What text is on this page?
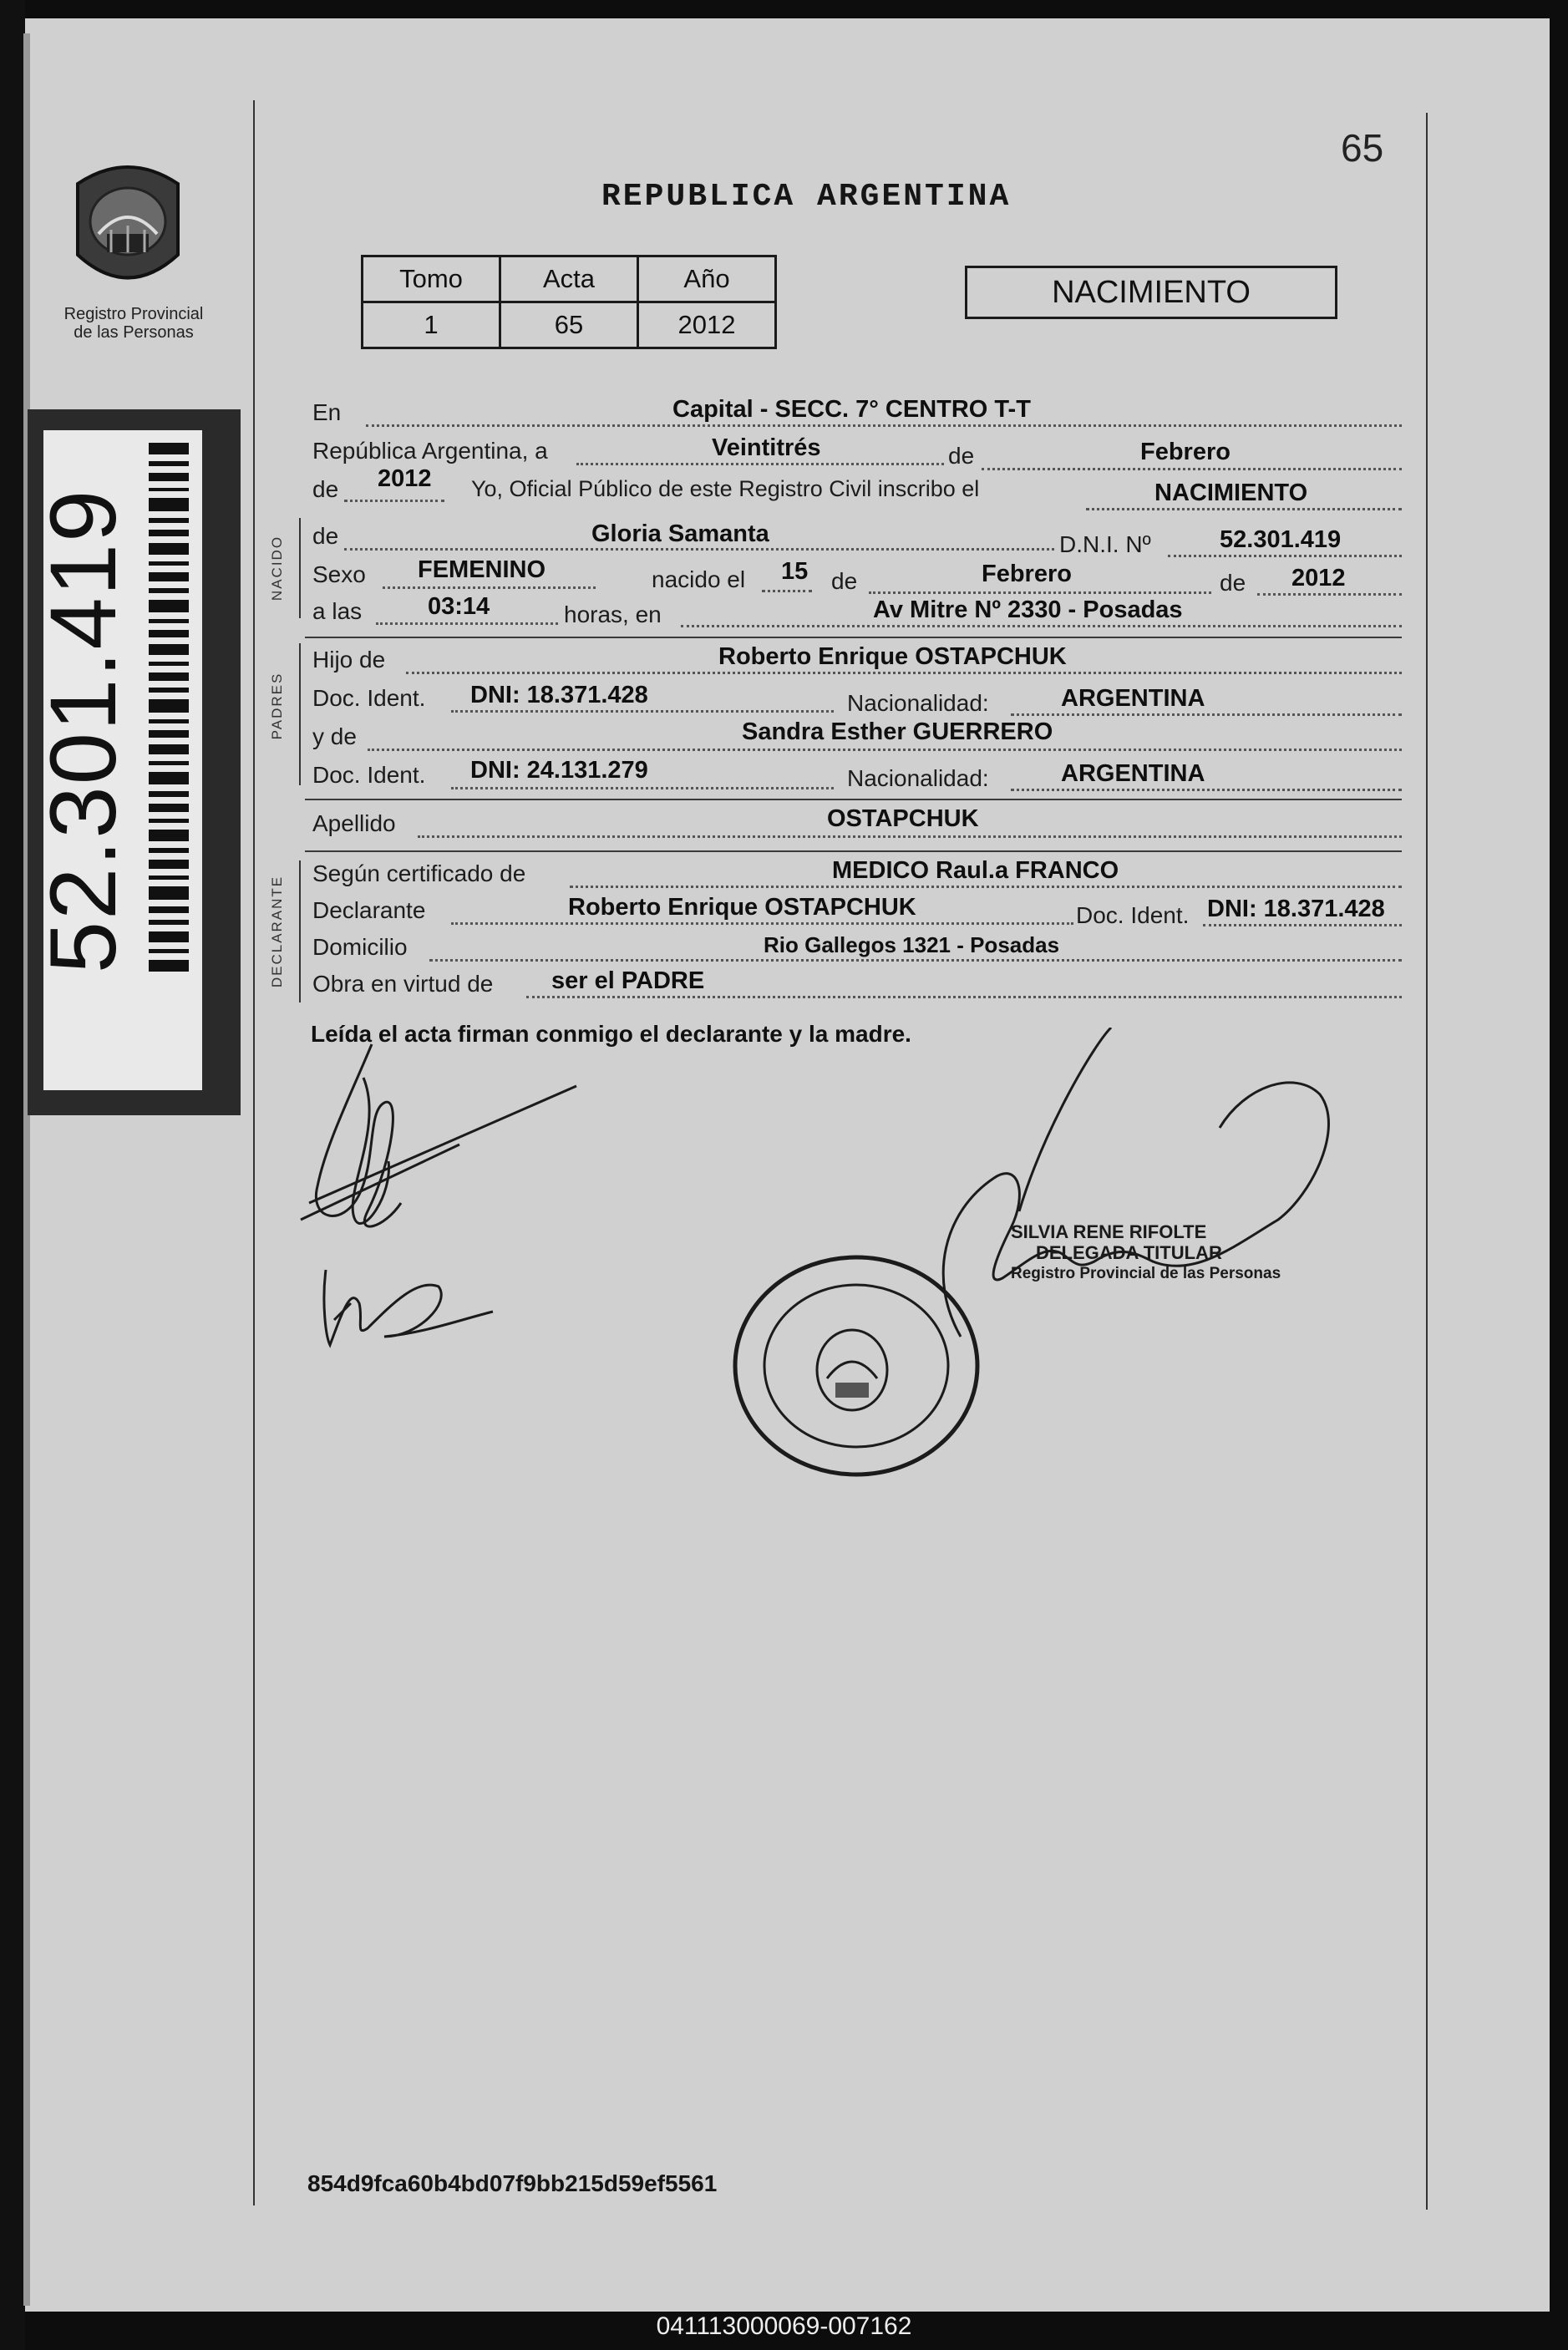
Registro Provincial
de las Personas
52.301.419
65
REPUBLICA ARGENTINA
Tomo	Acta	Año
1	65	2012
NACIMIENTO
NACIDO
PADRES
DECLARANTE
En	Capital - SECC. 7° CENTRO T-T
República Argentina, a	Veintitrés	de	Febrero
de 2012 Yo, Oficial Público de este Registro Civil inscribo el	NACIMIENTO
de	Gloria Samanta	D.N.I. Nº	52.301.419
Sexo FEMENINO	nacido el 15 de	Febrero	de 2012
a las	03:14	horas, en	Av Mitre Nº 2330 - Posadas
Hijo de	Roberto Enrique OSTAPCHUK
Doc. Ident. DNI: 18.371.428	Nacionalidad:	ARGENTINA
y de	Sandra Esther GUERRERO
Doc. Ident. DNI: 24.131.279	Nacionalidad:	ARGENTINA
Apellido	OSTAPCHUK
Según certificado de	MEDICO Raul.a FRANCO
Declarante	Roberto Enrique OSTAPCHUK	Doc. Ident. DNI: 18.371.428
Domicilio	Rio Gallegos 1321 - Posadas
Obra en virtud de ser el PADRE
Leída el acta firman conmigo el declarante y la madre.
SILVIA RENE RIFOLTE
DELEGADA TITULAR
Registro Provincial de las Personas
854d9fca60b4bd07f9bb215d59ef5561
041113000069-007162
